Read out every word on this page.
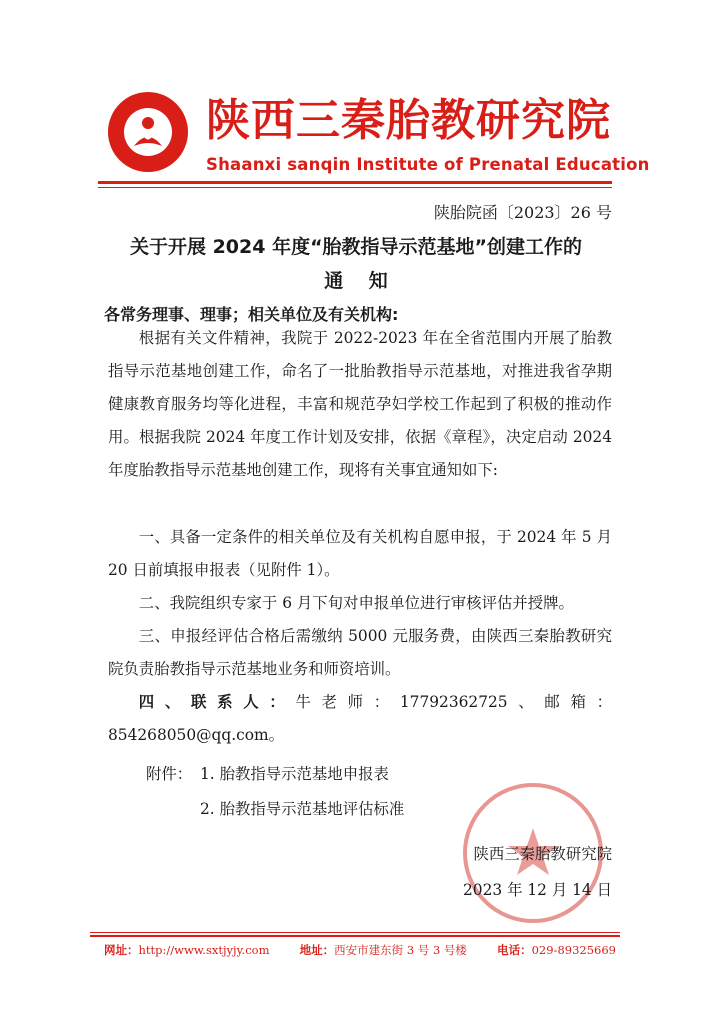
陕西三秦胎教研究院
Shaanxi sanqin Institute of Prenatal Education
陕胎院函〔2023〕26 号
关于开展 2024 年度“胎教指导示范基地”创建工作的
通　 知
各常务理事、理事；相关单位及有关机构:
根据有关文件精神，我院于 2022-2023 年在全省范围内开展了胎教指导示范基地创建工作，命名了一批胎教指导示范基地，对推进我省孕期健康教育服务均等化进程，丰富和规范孕妇学校工作起到了积极的推动作用。根据我院 2024 年度工作计划及安排，依据《章程》，决定启动 2024 年度胎教指导示范基地创建工作，现将有关事宜通知如下:
一、具备一定条件的相关单位及有关机构自愿申报，于 2024 年 5 月 20 日前填报申报表（见附件 1）。
二、我院组织专家于 6 月下旬对申报单位进行审核评估并授牌。
三、申报经评估合格后需缴纳 5000 元服务费，由陕西三秦胎教研究院负责胎教指导示范基地业务和师资培训。
四、联系人：牛老师：17792362725、邮箱：854268050@qq.com。
附件： 1. 胎教指导示范基地申报表
2. 胎教指导示范基地评估标准
陕西三秦胎教研究院
2023 年 12 月 14 日
网址：http://www.sxtjyjy.com	地址：西安市建东街 3 号 3 号楼	电话：029-89325669
